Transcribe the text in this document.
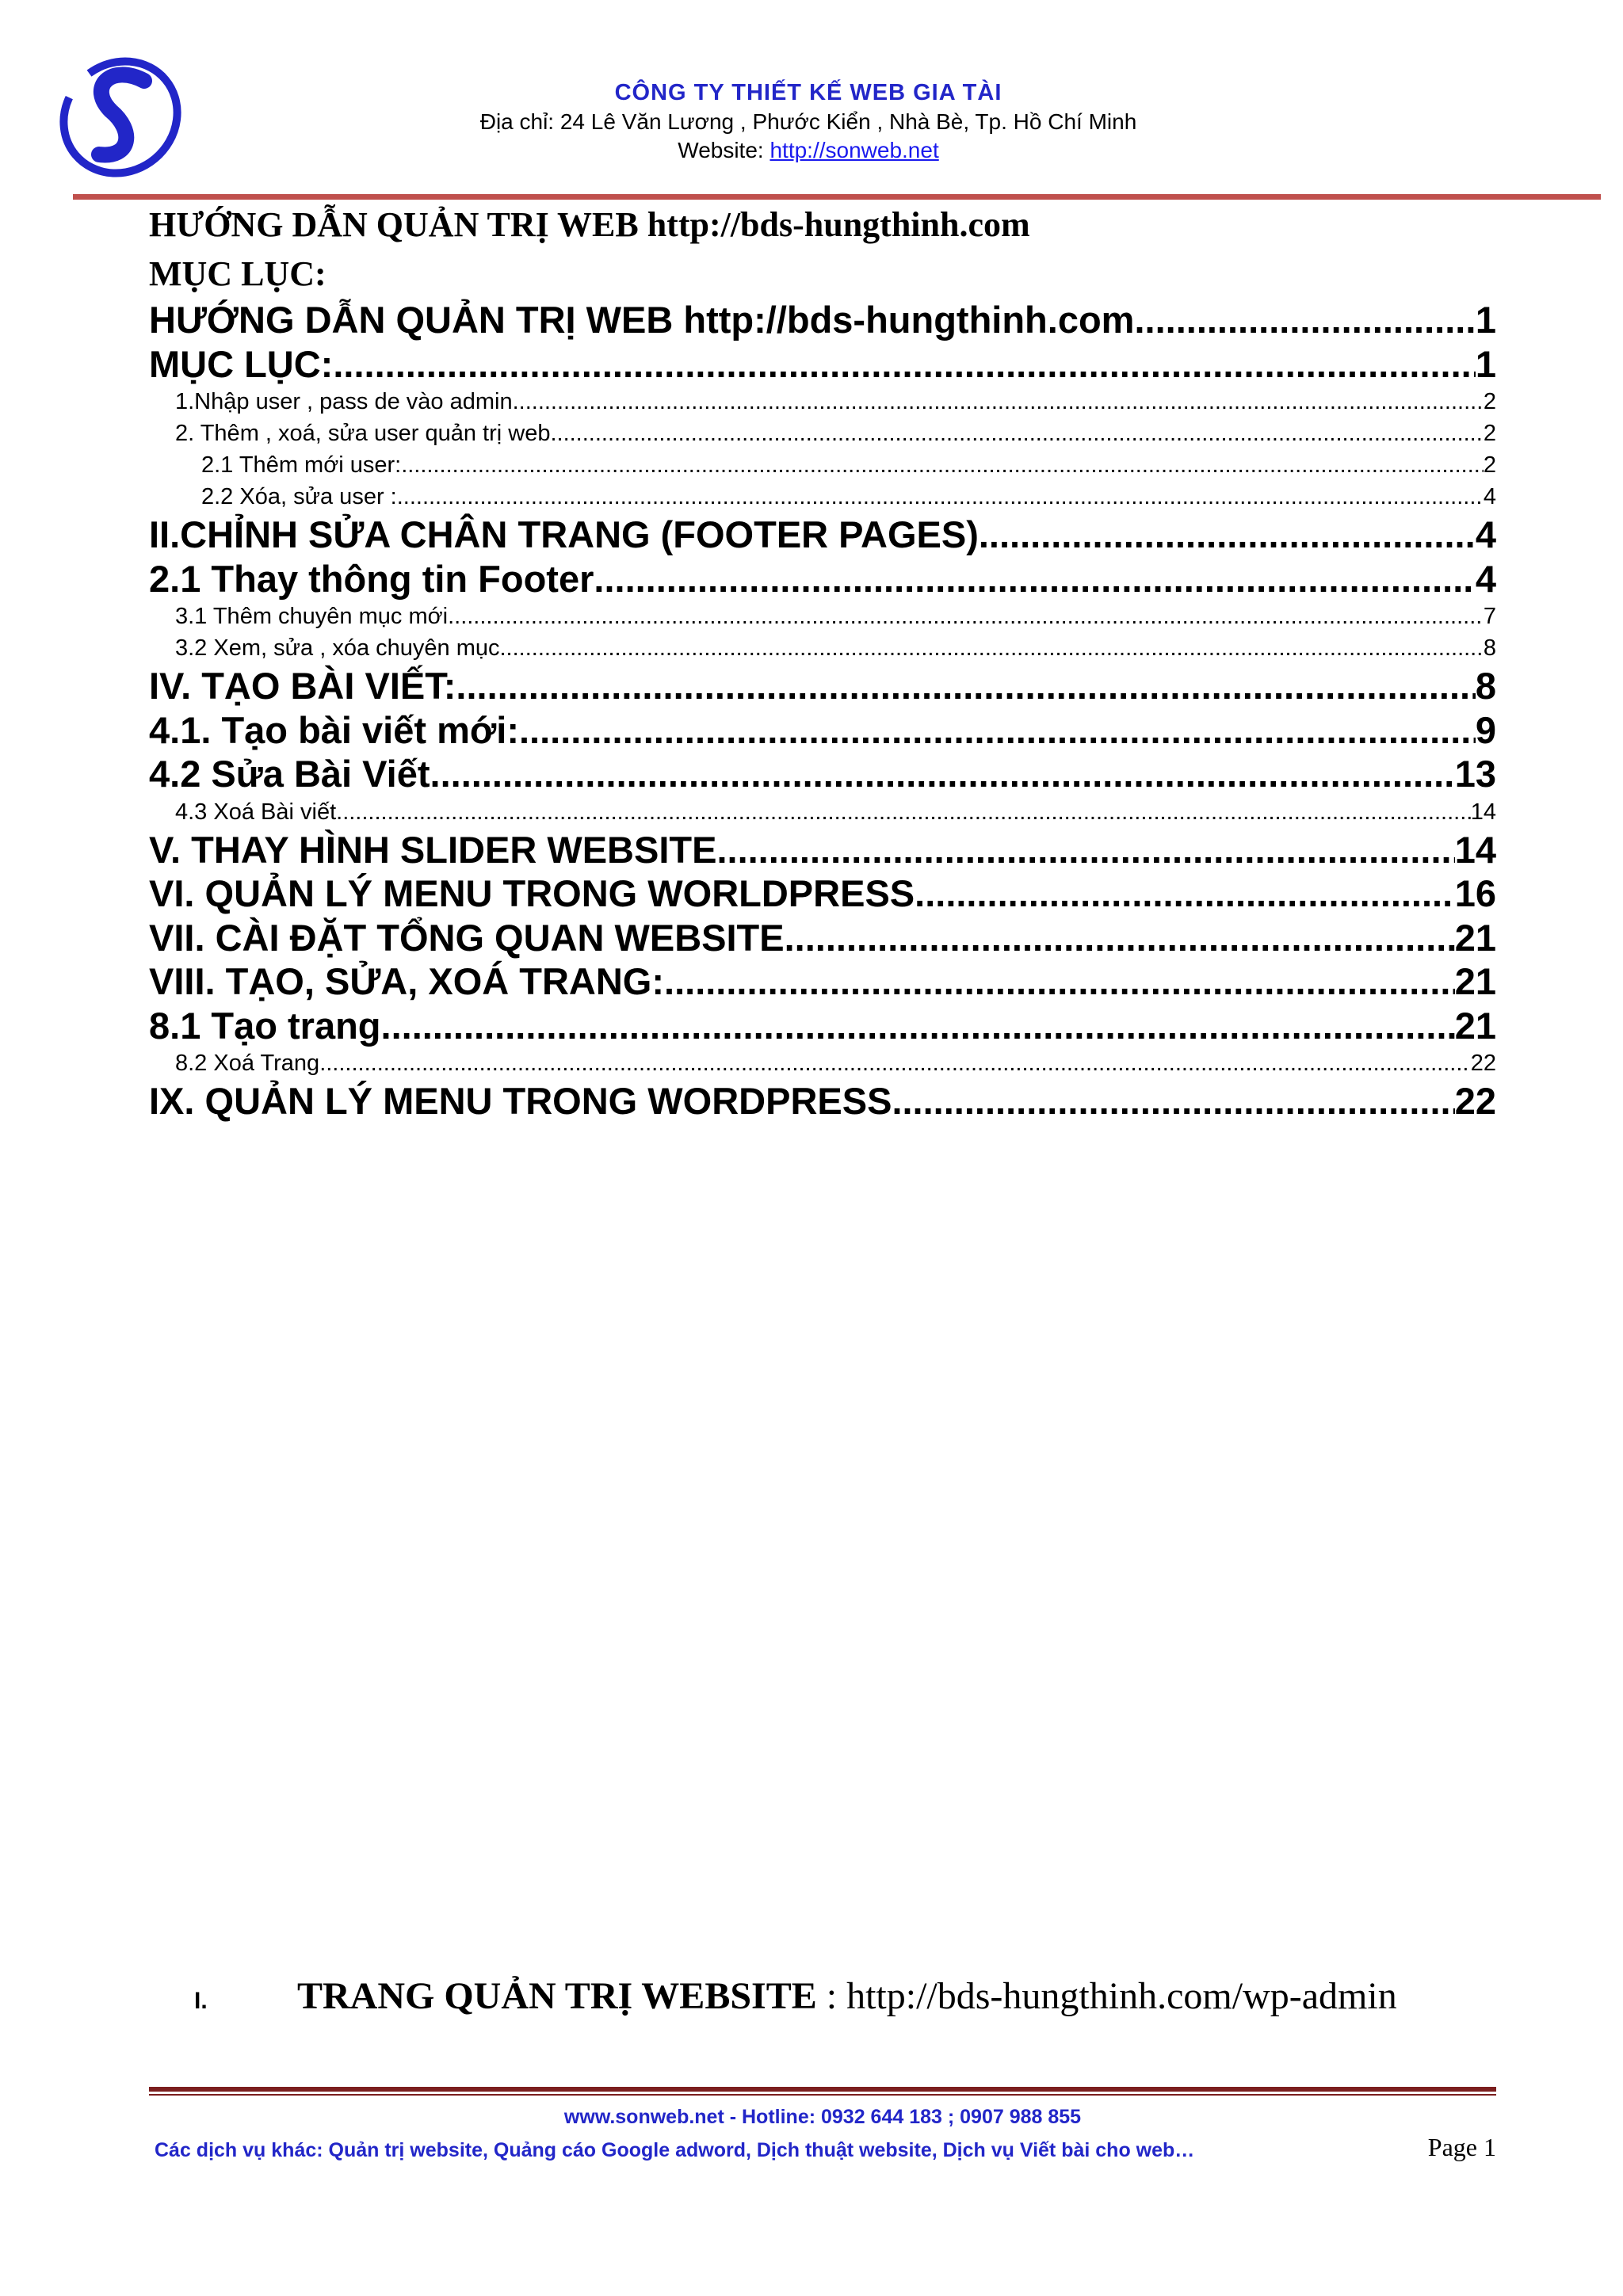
CÔNG TY THIẾT KẾ WEB GIA TÀI
Địa chỉ: 24 Lê Văn Lương , Phước Kiển , Nhà Bè, Tp. Hồ Chí Minh
Website: http://sonweb.net
HƯỚNG DẪN QUẢN TRỊ WEB http://bds-hungthinh.com
MỤC LỤC:
HƯỚNG DẪN QUẢN TRỊ WEB http://bds-hungthinh.com .....	1
MỤC LỤC: .....	1
1.Nhập user , pass de vào admin .....	2
2. Thêm , xoá, sửa user quản trị web .....	2
2.1 Thêm mới user: .....	2
2.2 Xóa, sửa user : .....	4
II.CHỈNH SỬA CHÂN TRANG (FOOTER PAGES) .....	4
2.1 Thay thông tin Footer .....	4
3.1 Thêm chuyên mục mới .....	7
3.2 Xem, sửa , xóa chuyên mục .....	8
IV. TẠO BÀI VIẾT: .....	8
4.1. Tạo bài viết mới: .....	9
4.2 Sửa Bài Viết .....	13
4.3 Xoá Bài viết .....	14
V. THAY HÌNH SLIDER WEBSITE .....	14
VI. QUẢN LÝ MENU TRONG WORLDPRESS .....	16
VII. CÀI ĐẶT TỔNG QUAN WEBSITE .....	21
VIII. TẠO, SỬA, XOÁ TRANG: .....	21
8.1 Tạo trang .....	21
8.2 Xoá Trang .....	22
IX. QUẢN LÝ MENU TRONG WORDPRESS .....	22
I. TRANG QUẢN TRỊ WEBSITE : http://bds-hungthinh.com/wp-admin
www.sonweb.net - Hotline: 0932 644 183 ; 0907 988 855
Các dịch vụ khác: Quản trị website, Quảng cáo Google adword, Dịch thuật website, Dịch vụ Viết bài cho web…	Page 1
